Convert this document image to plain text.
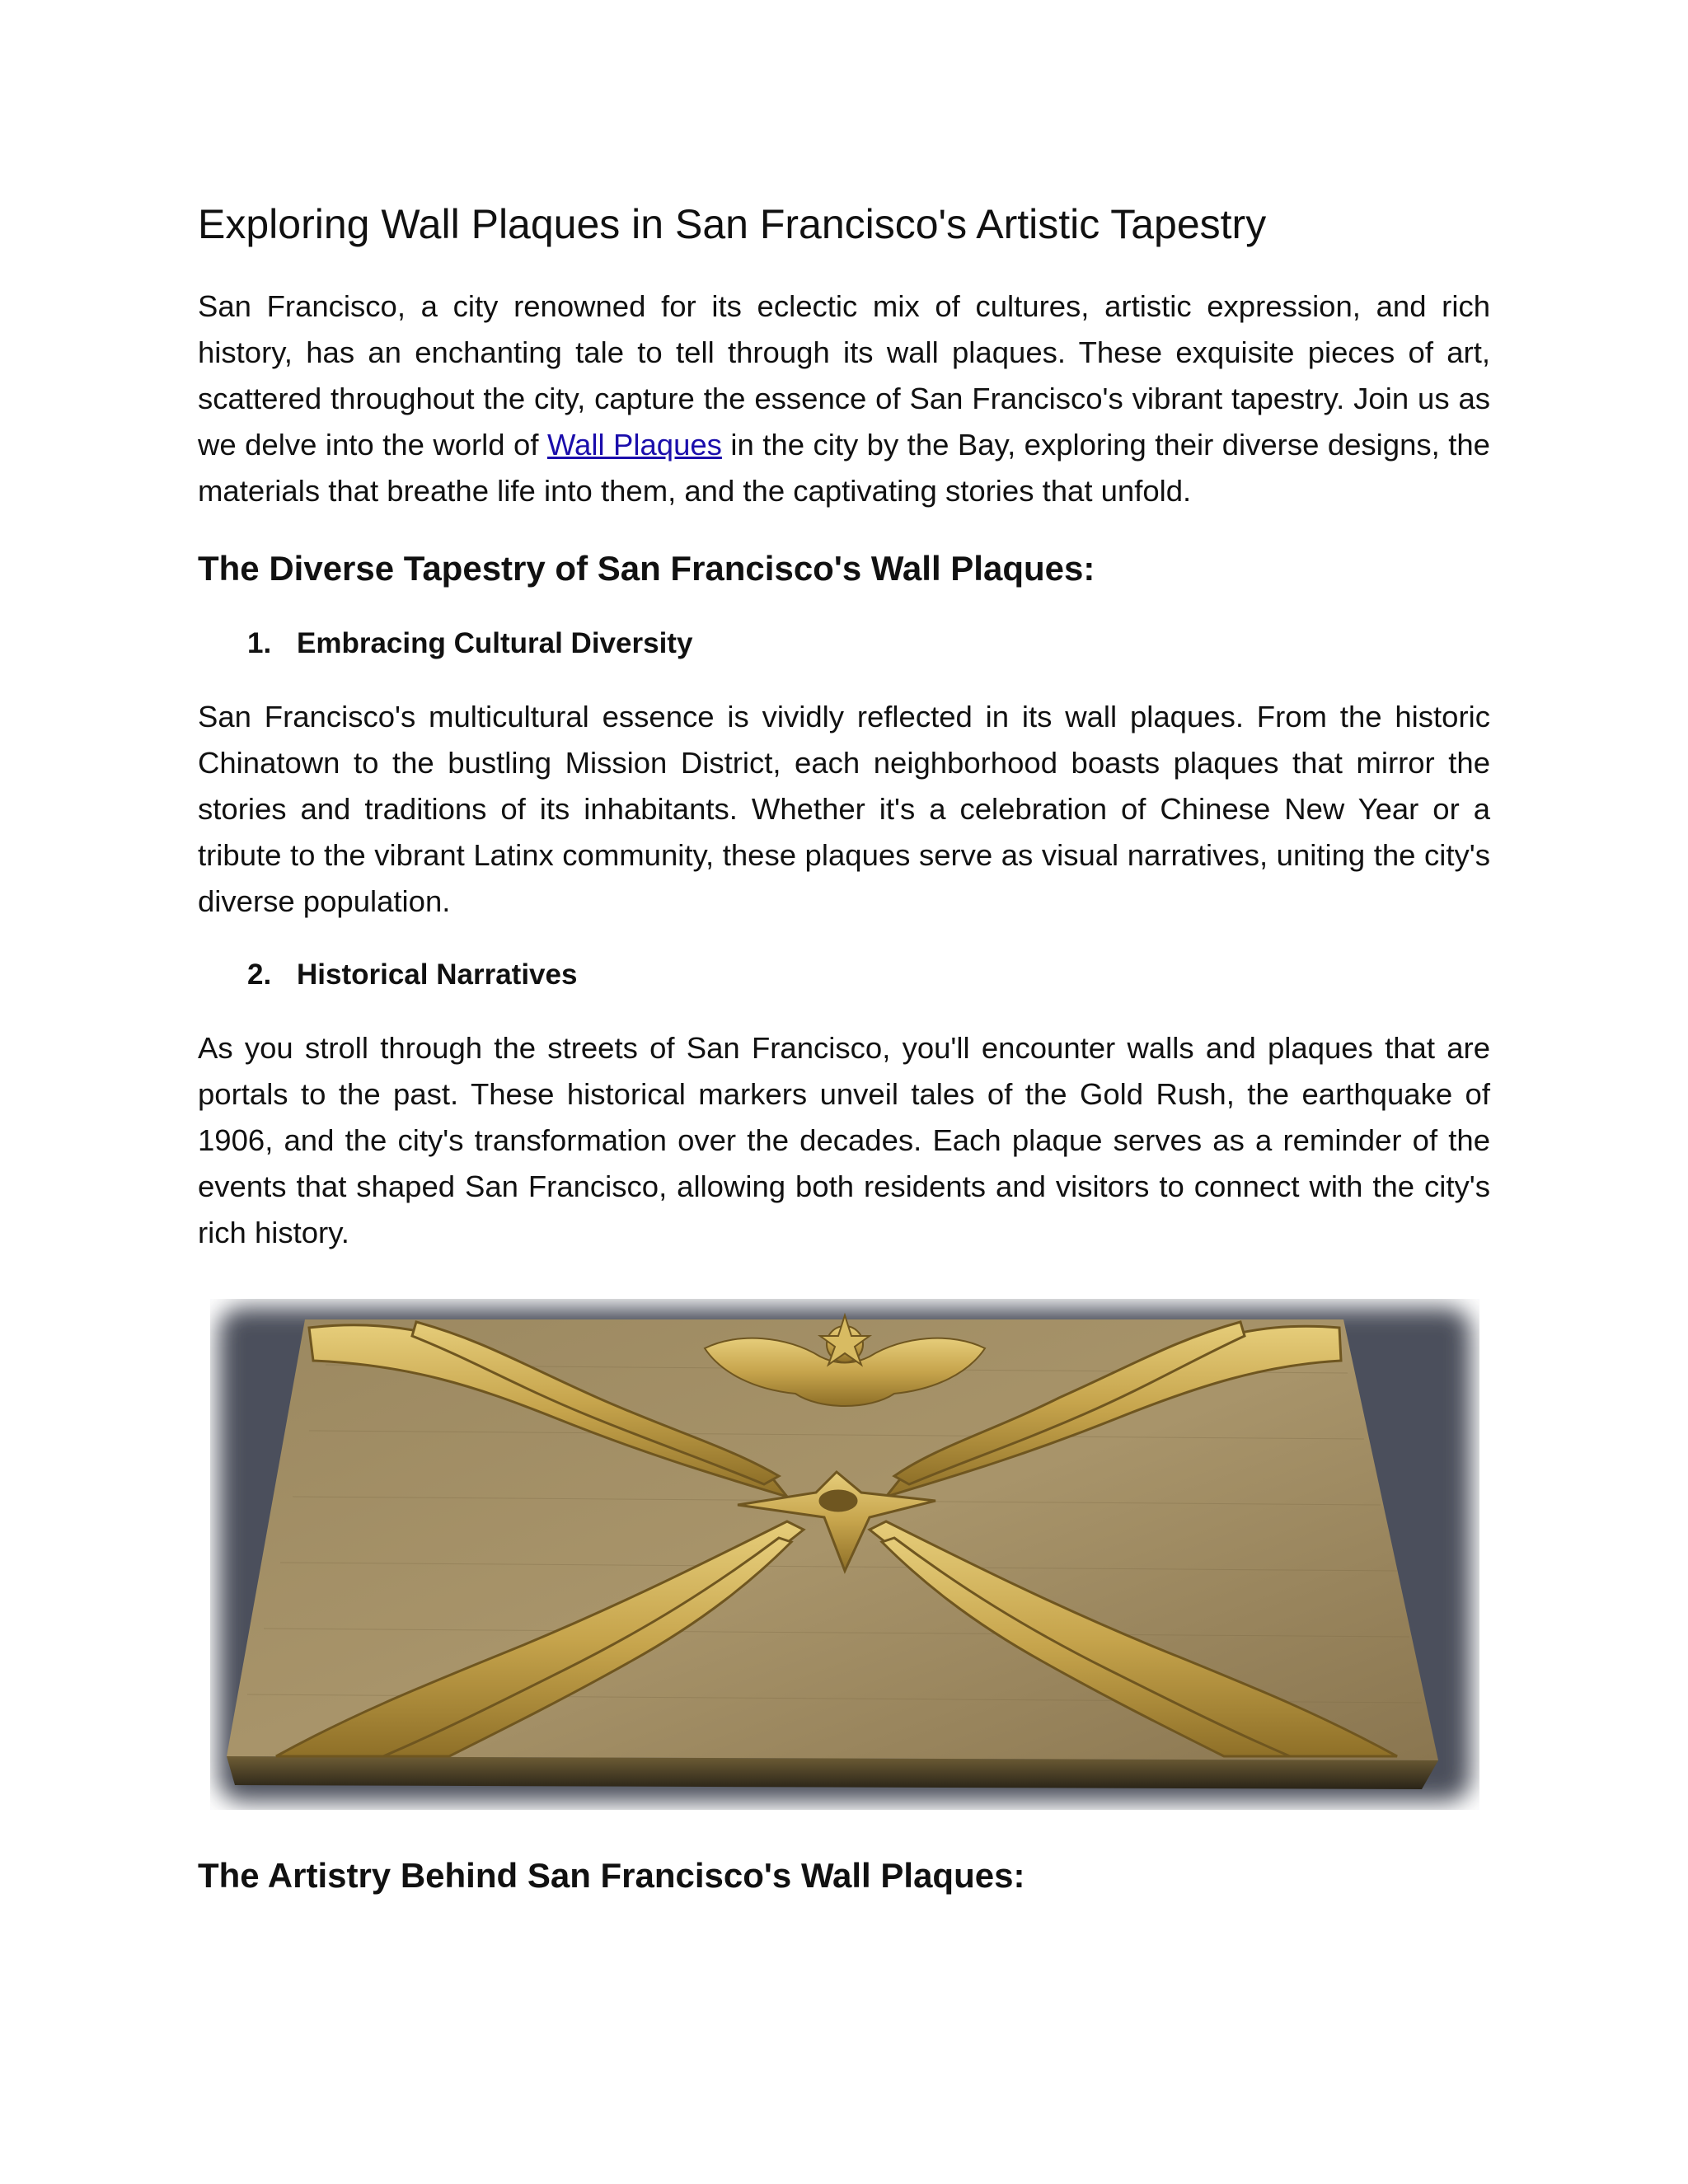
Exploring Wall Plaques in San Francisco's Artistic Tapestry

San Francisco, a city renowned for its eclectic mix of cultures, artistic expression, and rich history, has an enchanting tale to tell through its wall plaques. These exquisite pieces of art, scattered throughout the city, capture the essence of San Francisco's vibrant tapestry. Join us as we delve into the world of Wall Plaques in the city by the Bay, exploring their diverse designs, the materials that breathe life into them, and the captivating stories that unfold.

The Diverse Tapestry of San Francisco's Wall Plaques:
1. Embracing Cultural Diversity

San Francisco's multicultural essence is vividly reflected in its wall plaques. From the historic Chinatown to the bustling Mission District, each neighborhood boasts plaques that mirror the stories and traditions of its inhabitants. Whether it's a celebration of Chinese New Year or a tribute to the vibrant Latinx community, these plaques serve as visual narratives, uniting the city's diverse population.

2. Historical Narratives

As you stroll through the streets of San Francisco, you'll encounter walls and plaques that are portals to the past. These historical markers unveil tales of the Gold Rush, the earthquake of 1906, and the city's transformation over the decades. Each plaque serves as a reminder of the events that shaped San Francisco, allowing both residents and visitors to connect with the city's rich history.

The Artistry Behind San Francisco's Wall Plaques:
